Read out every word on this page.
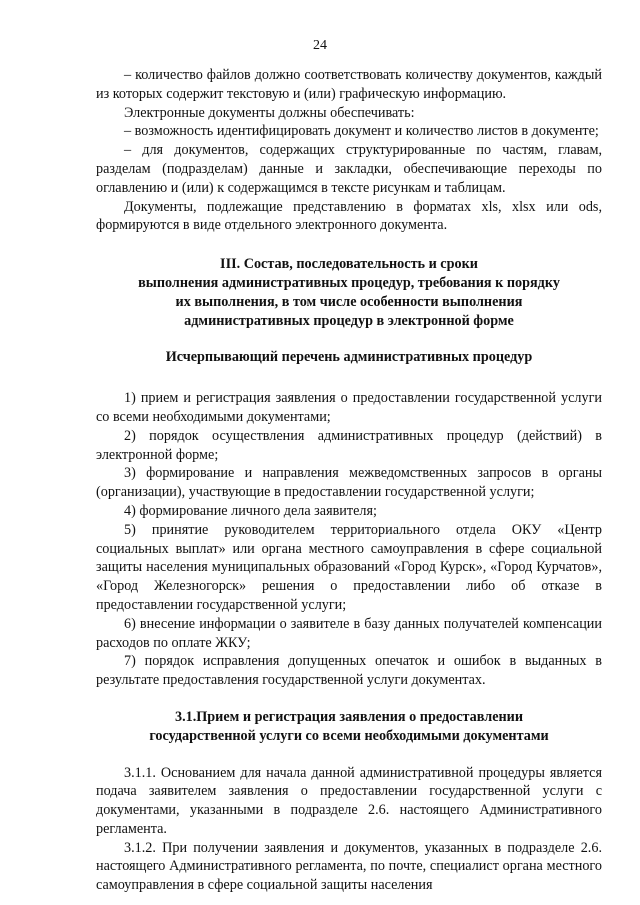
24

– количество файлов должно соответствовать количеству документов, каждый из которых содержит текстовую и (или) графическую информацию.

Электронные документы должны обеспечивать:

– возможность идентифицировать документ и количество листов в документе;

– для документов, содержащих структурированные по частям, главам, разделам (подразделам) данные и закладки, обеспечивающие переходы по оглавлению и (или) к содержащимся в тексте рисункам и таблицам.

Документы, подлежащие представлению в форматах xls, xlsx или ods, формируются в виде отдельного электронного документа.

III. Состав, последовательность и сроки
выполнения административных процедур, требования к порядку
их выполнения, в том числе особенности выполнения
административных процедур в электронной форме
Исчерпывающий перечень административных процедур

1) прием и регистрация заявления о предоставлении государственной услуги со всеми необходимыми документами;

2) порядок осуществления административных процедур (действий) в электронной форме;

3) формирование и направления межведомственных запросов в органы (организации), участвующие в предоставлении государственной услуги;

4) формирование личного дела заявителя;

5) принятие руководителем территориального отдела ОКУ «Центр социальных выплат» или органа местного самоуправления в сфере социальной защиты населения муниципальных образований «Город Курск», «Город Курчатов», «Город Железногорск» решения о предоставлении либо об отказе в предоставлении государственной услуги;

6) внесение информации о заявителе в базу данных получателей компенсации расходов по оплате ЖКУ;

7) порядок исправления допущенных опечаток и ошибок в выданных в результате предоставления государственной услуги документах.

3.1.Прием и регистрация заявления о предоставлении
государственной услуги со всеми необходимыми документами

3.1.1. Основанием для начала данной административной процедуры является подача заявителем заявления о предоставлении государственной услуги с документами, указанными в подразделе 2.6. настоящего Административного регламента.

3.1.2. При получении заявления и документов, указанных в подразделе 2.6. настоящего Административного регламента, по почте, специалист органа местного самоуправления в сфере социальной защиты населения
